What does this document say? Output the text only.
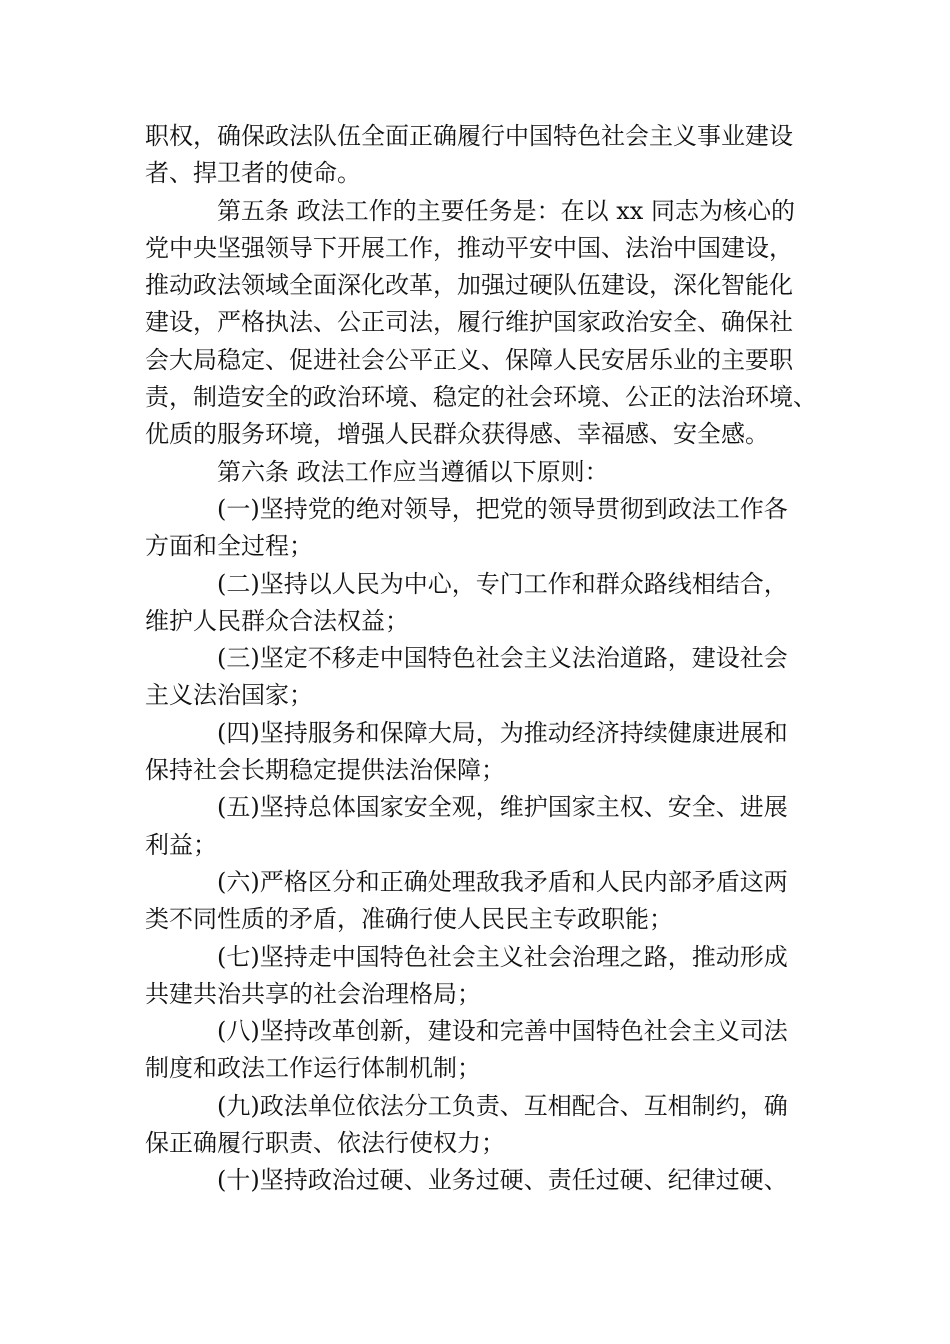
职权，确保政法队伍全面正确履行中国特色社会主义事业建设
者、捍卫者的使命。
第五条 政法工作的主要任务是：在以 xx 同志为核心的
党中央坚强领导下开展工作，推动平安中国、法治中国建设，
推动政法领域全面深化改革，加强过硬队伍建设，深化智能化
建设，严格执法、公正司法，履行维护国家政治安全、确保社
会大局稳定、促进社会公平正义、保障人民安居乐业的主要职
责，制造安全的政治环境、稳定的社会环境、公正的法治环境、
优质的服务环境，增强人民群众获得感、幸福感、安全感。
第六条 政法工作应当遵循以下原则：
(一)坚持党的绝对领导，把党的领导贯彻到政法工作各
方面和全过程；
(二)坚持以人民为中心，专门工作和群众路线相结合，
维护人民群众合法权益；
(三)坚定不移走中国特色社会主义法治道路，建设社会
主义法治国家；
(四)坚持服务和保障大局，为推动经济持续健康进展和
保持社会长期稳定提供法治保障；
(五)坚持总体国家安全观，维护国家主权、安全、进展
利益；
(六)严格区分和正确处理敌我矛盾和人民内部矛盾这两
类不同性质的矛盾，准确行使人民民主专政职能；
(七)坚持走中国特色社会主义社会治理之路，推动形成
共建共治共享的社会治理格局；
(八)坚持改革创新，建设和完善中国特色社会主义司法
制度和政法工作运行体制机制；
(九)政法单位依法分工负责、互相配合、互相制约，确
保正确履行职责、依法行使权力；
(十)坚持政治过硬、业务过硬、责任过硬、纪律过硬、
